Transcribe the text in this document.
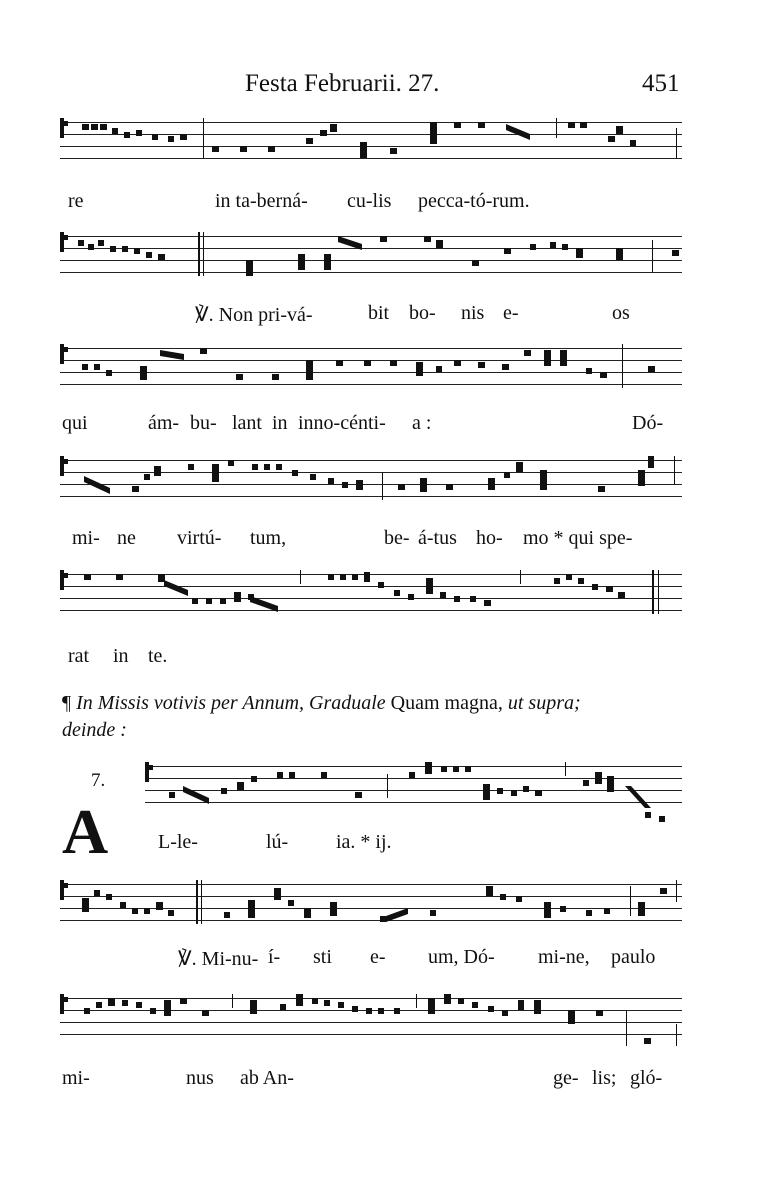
Festa Februarii. 27.	451
re	in ta-berná- cu-lis pecca-tó-rum.
℣. Non pri-vá-	bit bo- nis e-	os
qui	ám- bu- lant in inno-cénti- a :	Dó-
mi- ne virtú- tum,	be- á-tus ho- mo * qui spe-
rat in te.
¶ In Missis votivis per Annum, Graduale Quam magna, ut supra;
deinde :
7.
A L-le-	lú- ia. * ij.
℣. Mi-nu- í- sti e- um, Dó- mi-ne, paulo
mi-	nus ab An-	ge- lis; gló-
